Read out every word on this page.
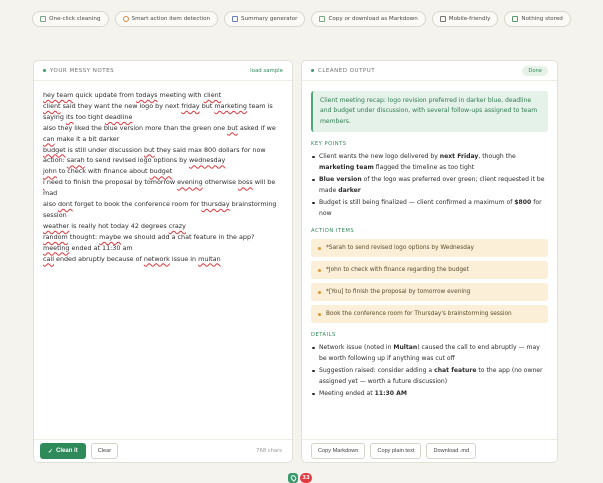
One-click cleaning	Smart action item detection	Summary generator	Copy or download as Markdown	Mobile-friendly	Nothing stored
YOUR MESSY NOTES	load sample
hey team quick update from todays meeting with client
client said they want the new logo by next friday but marketing team is
saying its too tight deadline
also they liked the blue version more than the green one but asked if we
can make it a bit darker
budget is still under discussion but they said max 800 dollars for now
action: sarah to send revised logo options by wednesday
john to check with finance about budget
i need to finish the proposal by tomorrow evening otherwise boss will be
mad
also dont forget to book the conference room for thursday brainstorming
session
weather is really hot today 42 degrees crazy
random thought: maybe we should add a chat feature in the app?
meeting ended at 11:30 am
call ended abruptly because of network issue in multan
33
✓ Clean it	Clear	768 chars
CLEANED OUTPUT	Done
Client meeting recap: logo revision preferred in darker blue, deadline and budget under discussion, with several follow-ups assigned to team members.
KEY POINTS
Client wants the new logo delivered by next Friday, though the marketing team flagged the timeline as too tight
Blue version of the logo was preferred over green; client requested it be made darker
Budget is still being finalized — client confirmed a maximum of $800 for now
ACTION ITEMS
*Sarah to send revised logo options by Wednesday
*John to check with finance regarding the budget
*[You] to finish the proposal by tomorrow evening
Book the conference room for Thursday's brainstorming session
DETAILS
Network issue (noted in Multan) caused the call to end abruptly — may be worth following up if anything was cut off
Suggestion raised: consider adding a chat feature to the app (no owner assigned yet — worth a future discussion)
Meeting ended at 11:30 AM
Copy Markdown	Copy plain text	Download .md
